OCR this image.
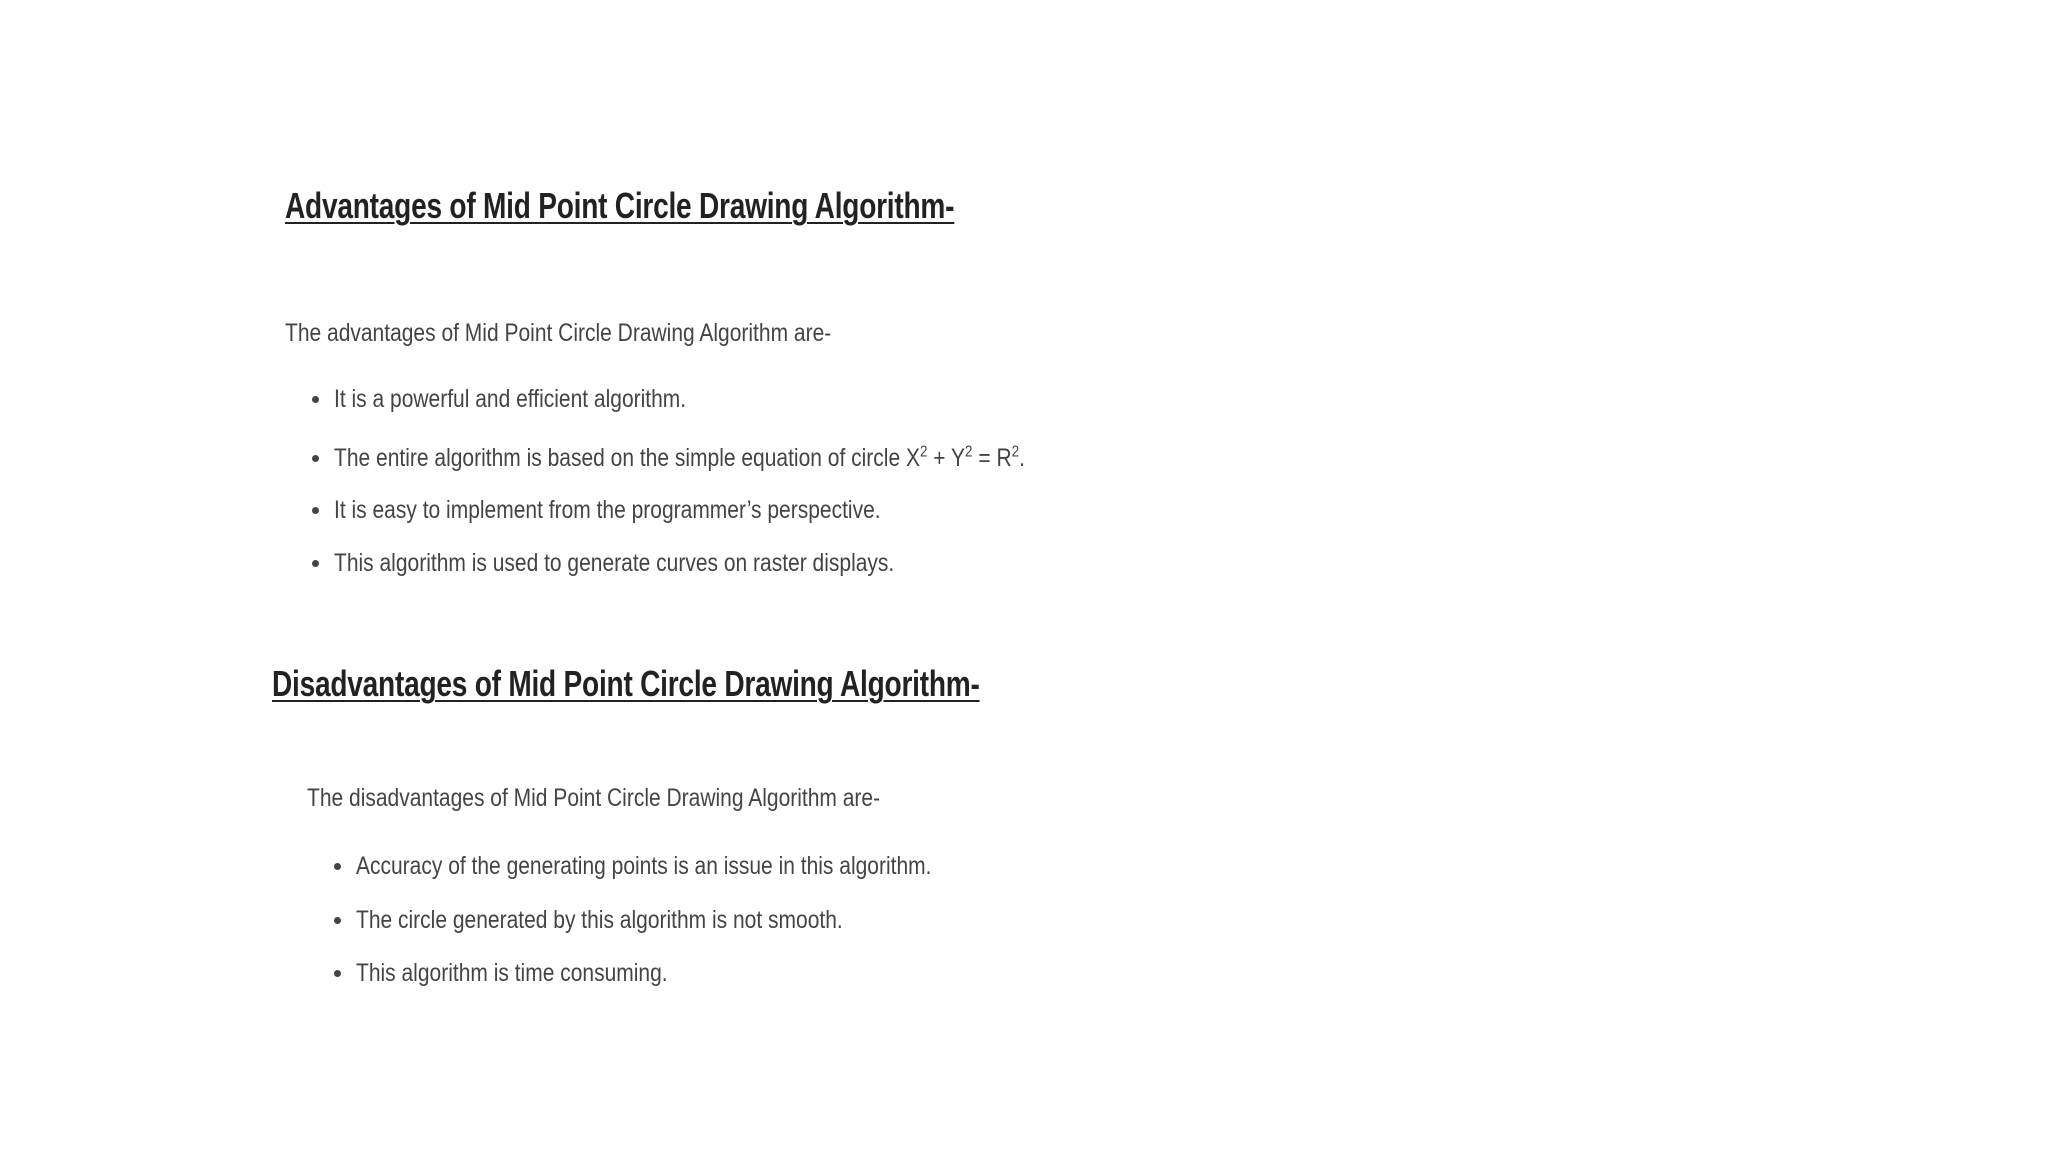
Advantages of Mid Point Circle Drawing Algorithm-

The advantages of Mid Point Circle Drawing Algorithm are-

It is a powerful and efficient algorithm.
The entire algorithm is based on the simple equation of circle $X^2 + Y^2 = R^2$.
It is easy to implement from the programmer’s perspective.
This algorithm is used to generate curves on raster displays.
Disadvantages of Mid Point Circle Drawing Algorithm-

The disadvantages of Mid Point Circle Drawing Algorithm are-

Accuracy of the generating points is an issue in this algorithm.
The circle generated by this algorithm is not smooth.
This algorithm is time consuming.
